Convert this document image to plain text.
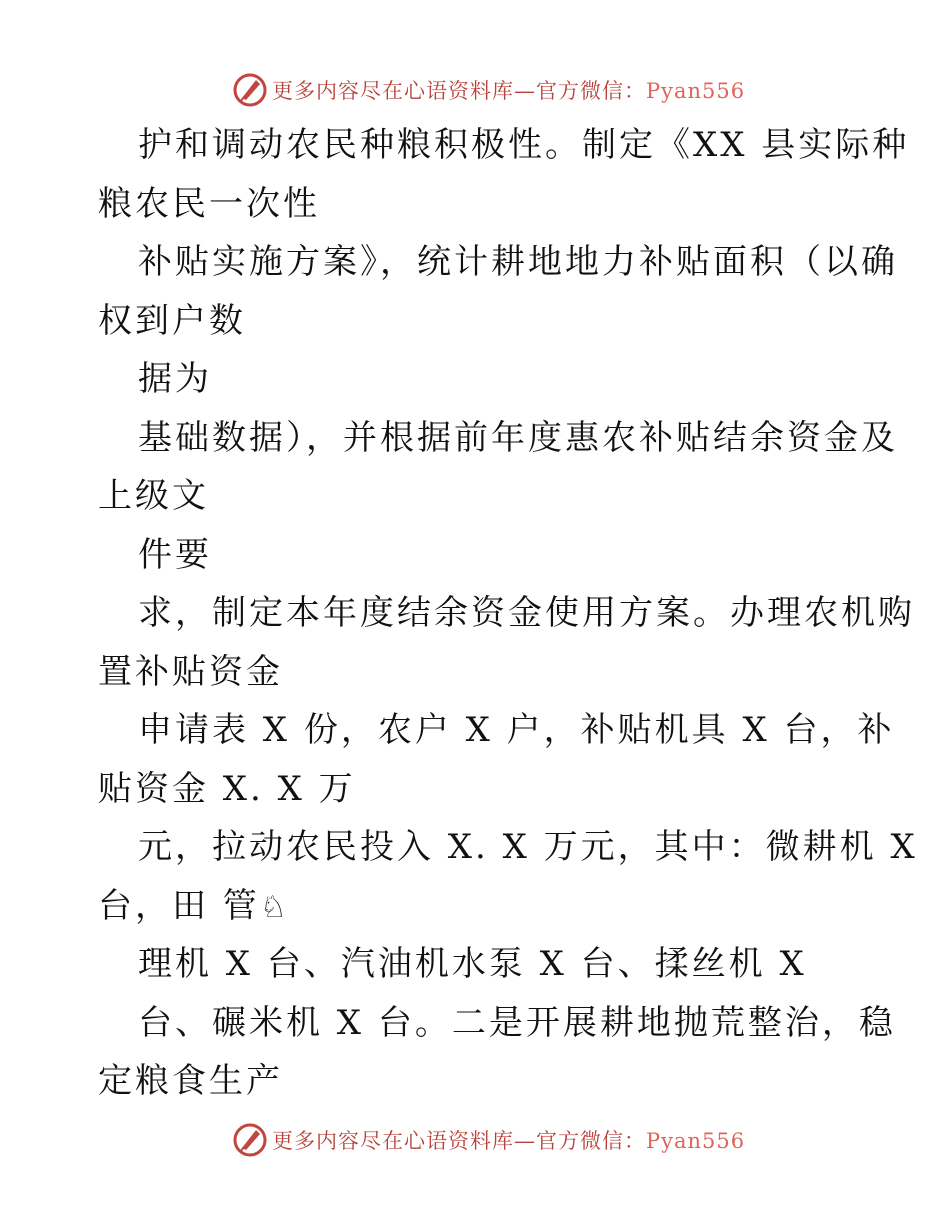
更多内容尽在心语资料库—官方微信：Pyan556
护和调动农民种粮积极性。制定《XX 县实际种
粮农民一次性
补贴实施方案》，统计耕地地力补贴面积（以确
权到户数
据为
基础数据），并根据前年度惠农补贴结余资金及
上级文
件要
求，制定本年度结余资金使用方案。办理农机购
置补贴资金
申请表 X 份，农户 X 户，补贴机具 X 台，补
贴资金 X. X 万
元，拉动农民投入 X. X 万元，其中：微耕机 X
台，田 管♘
理机 X 台、汽油机水泵 X 台、揉丝机 X
台、碾米机 X 台。二是开展耕地抛荒整治，稳
定粮食生产
更多内容尽在心语资料库—官方微信：Pyan556
